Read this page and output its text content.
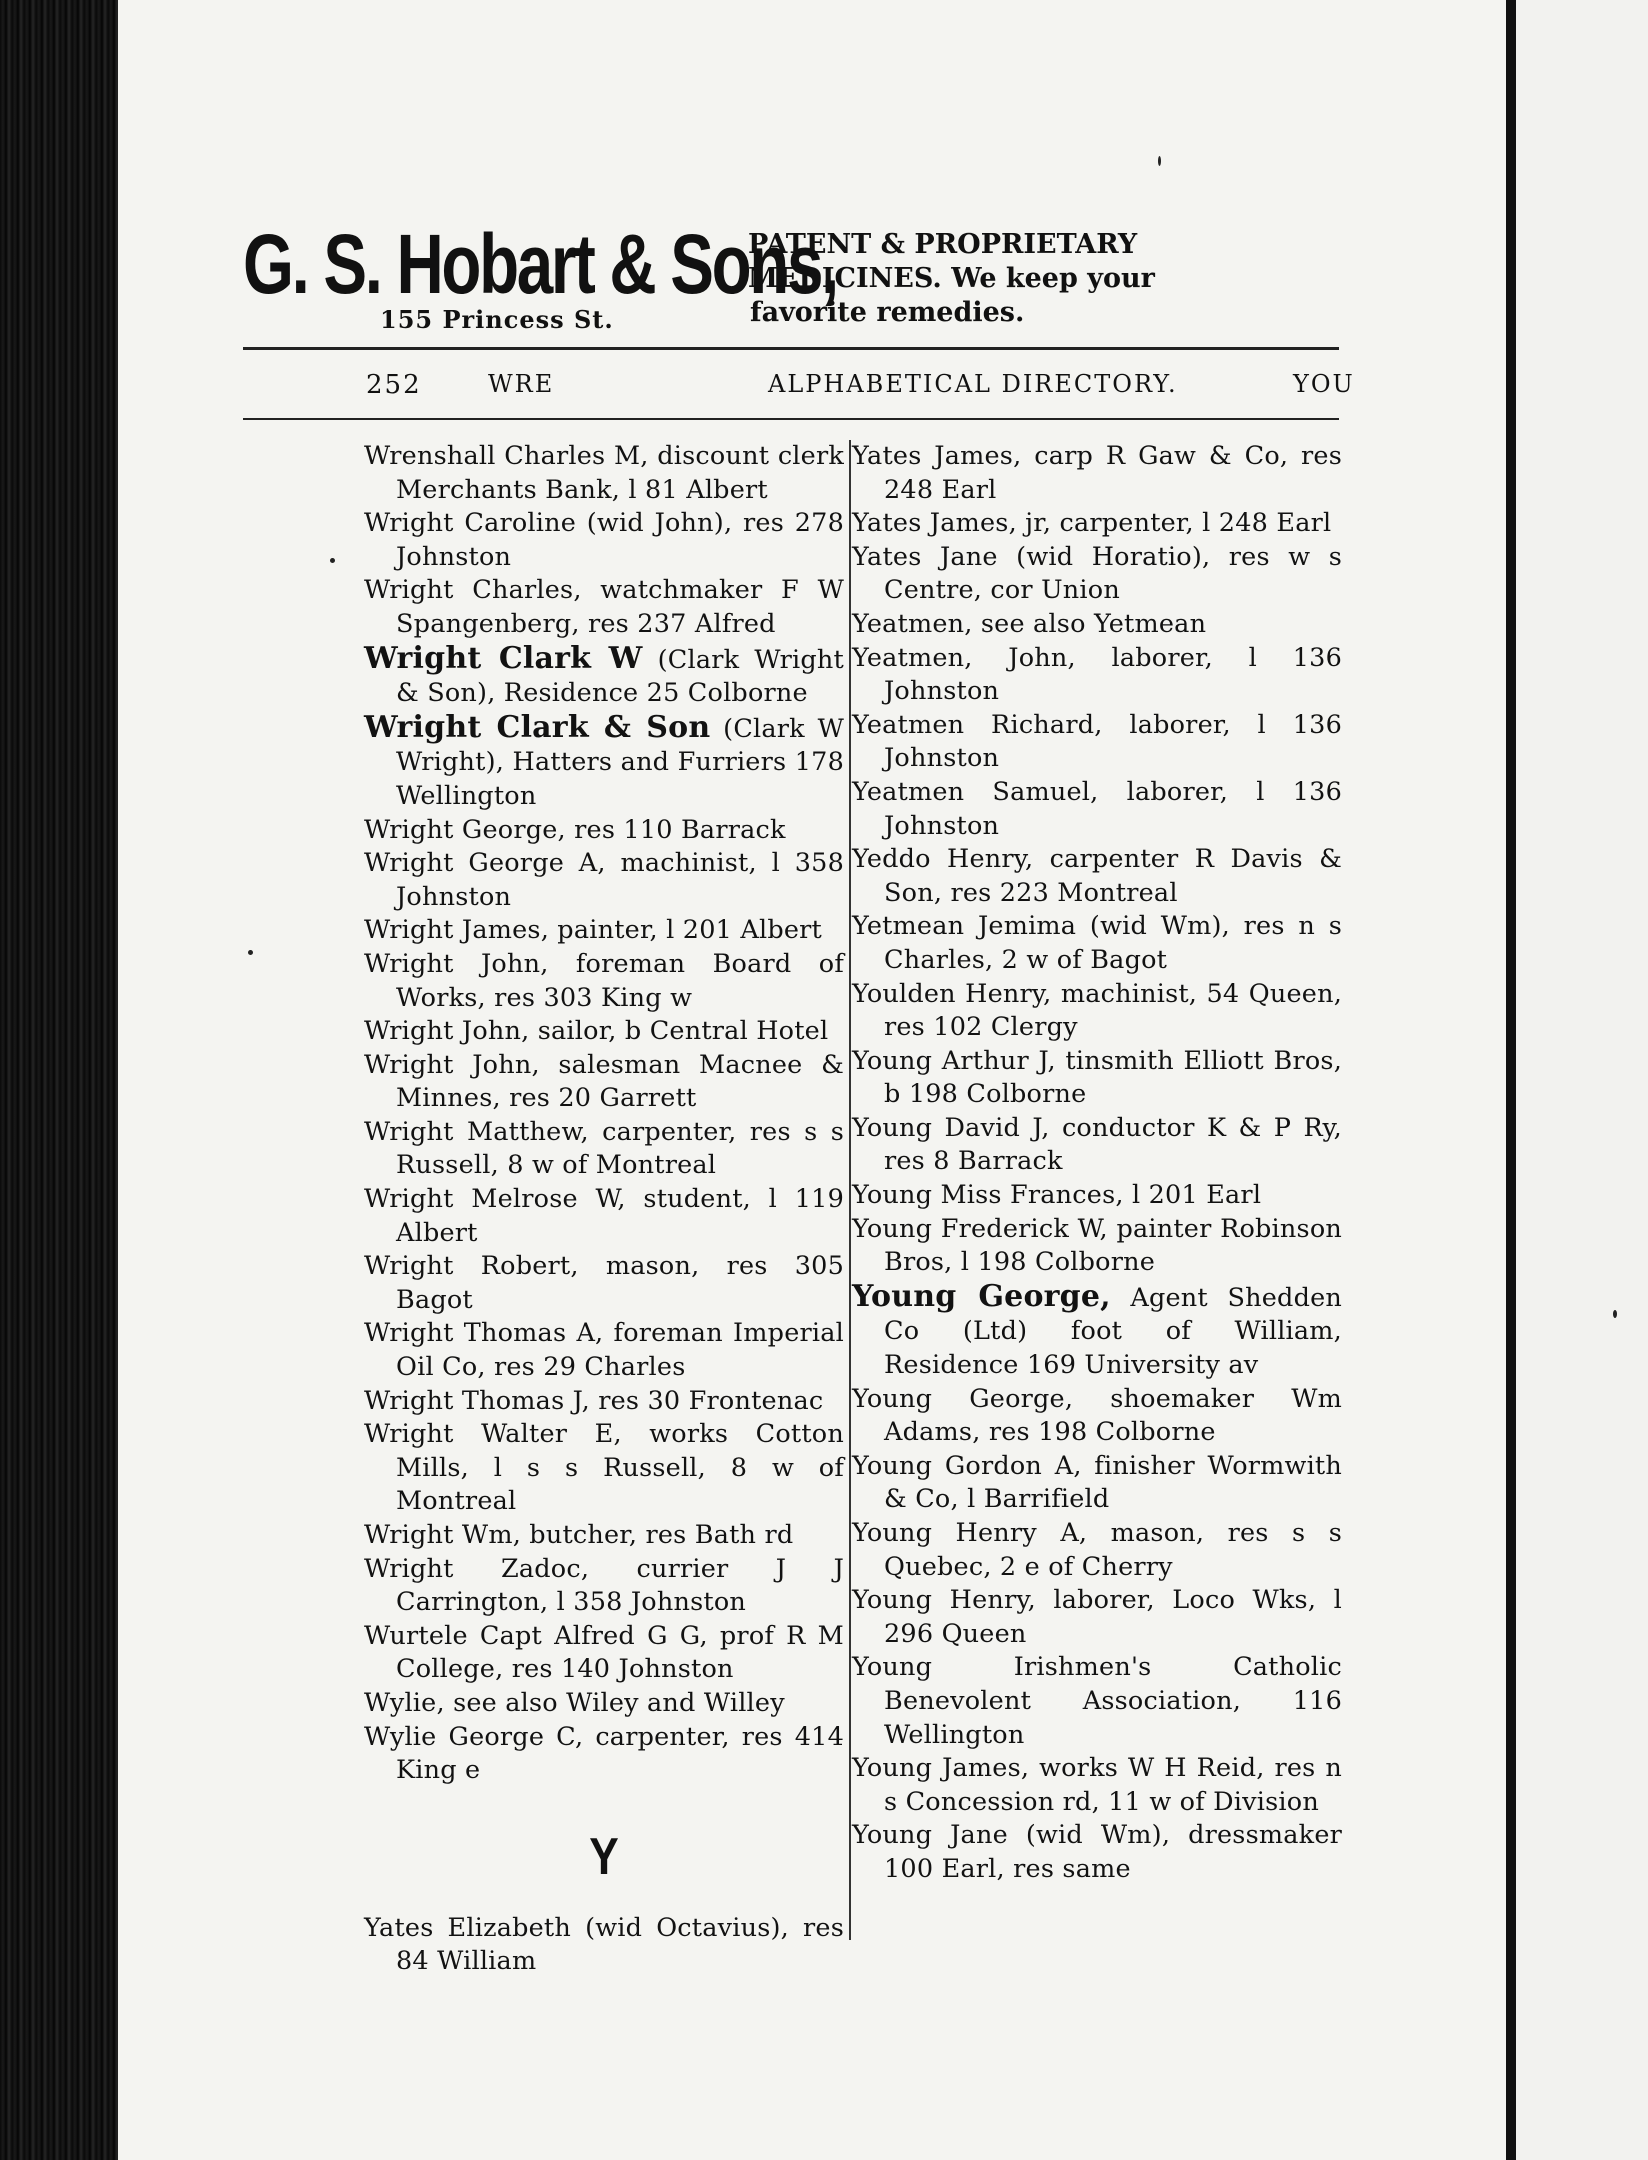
G. S. Hobart & Sons,
155 Princess St.
PATENT & PROPRIETARY
MEDICINES. We keep your
favorite remedies.
252	WRE	ALPHABETICAL DIRECTORY.	YOU

Wrenshall Charles M, discount clerk Merchants Bank, l 81 Albert

Wright Caroline (wid John), res 278 Johnston

Wright Charles, watchmaker F W Spangenberg, res 237 Alfred

Wright Clark W (Clark Wright & Son), Residence 25 Colborne

Wright Clark & Son (Clark W Wright), Hatters and Furriers 178 Wellington

Wright George, res 110 Barrack

Wright George A, machinist, l 358 Johnston

Wright James, painter, l 201 Albert

Wright John, foreman Board of Works, res 303 King w

Wright John, sailor, b Central Hotel

Wright John, salesman Macnee & Minnes, res 20 Garrett

Wright Matthew, carpenter, res s s Russell, 8 w of Montreal

Wright Melrose W, student, l 119 Albert

Wright Robert, mason, res 305 Bagot

Wright Thomas A, foreman Imperial Oil Co, res 29 Charles

Wright Thomas J, res 30 Frontenac

Wright Walter E, works Cotton Mills, l s s Russell, 8 w of Montreal

Wright Wm, butcher, res Bath rd

Wright Zadoc, currier J J Carrington, l 358 Johnston

Wurtele Capt Alfred G G, prof R M College, res 140 Johnston

Wylie, see also Wiley and Willey

Wylie George C, carpenter, res 414 King e

Y

Yates Elizabeth (wid Octavius), res 84 William

Yates James, carp R Gaw & Co, res 248 Earl

Yates James, jr, carpenter, l 248 Earl

Yates Jane (wid Horatio), res w s Centre, cor Union

Yeatmen, see also Yetmean

Yeatmen, John, laborer, l 136 Johnston

Yeatmen Richard, laborer, l 136 Johnston

Yeatmen Samuel, laborer, l 136 Johnston

Yeddo Henry, carpenter R Davis & Son, res 223 Montreal

Yetmean Jemima (wid Wm), res n s Charles, 2 w of Bagot

Youlden Henry, machinist, 54 Queen, res 102 Clergy

Young Arthur J, tinsmith Elliott Bros, b 198 Colborne

Young David J, conductor K & P Ry, res 8 Barrack

Young Miss Frances, l 201 Earl

Young Frederick W, painter Robinson Bros, l 198 Colborne

Young George, Agent Shedden Co (Ltd) foot of William, Residence 169 University av

Young George, shoemaker Wm Adams, res 198 Colborne

Young Gordon A, finisher Wormwith & Co, l Barrifield

Young Henry A, mason, res s s Quebec, 2 e of Cherry

Young Henry, laborer, Loco Wks, l 296 Queen

Young Irishmen's Catholic Benevolent Association, 116 Wellington

Young James, works W H Reid, res n s Concession rd, 11 w of Division

Young Jane (wid Wm), dressmaker 100 Earl, res same
